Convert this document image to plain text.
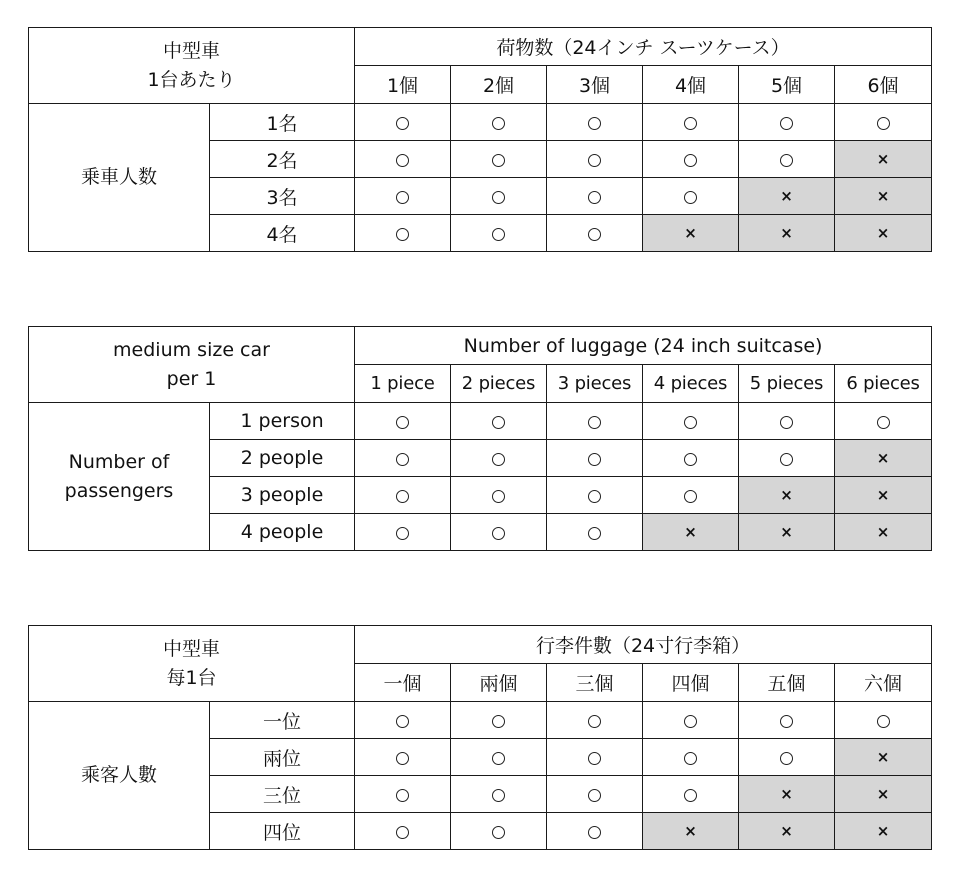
中型車
1台あたり		荷物数（24インチ スーツケース）					
		1個	2個	3個	4個	5個	6個

乗車人数	1名						
	2名						×
	3名					×	×
	4名				×	×	×
medium size car
per 1		Number of luggage (24 inch suitcase)					
		1 piece	2 pieces	3 pieces	4 pieces	5 pieces	6 pieces

Number of
passengers	1 person						
	2 people						×
	3 people					×	×
	4 people				×	×	×
中型車
每1台		行李件數（24寸行李箱）					
		一個	兩個	三個	四個	五個	六個

乘客人數	一位						
	兩位						×
	三位					×	×
	四位				×	×	×
